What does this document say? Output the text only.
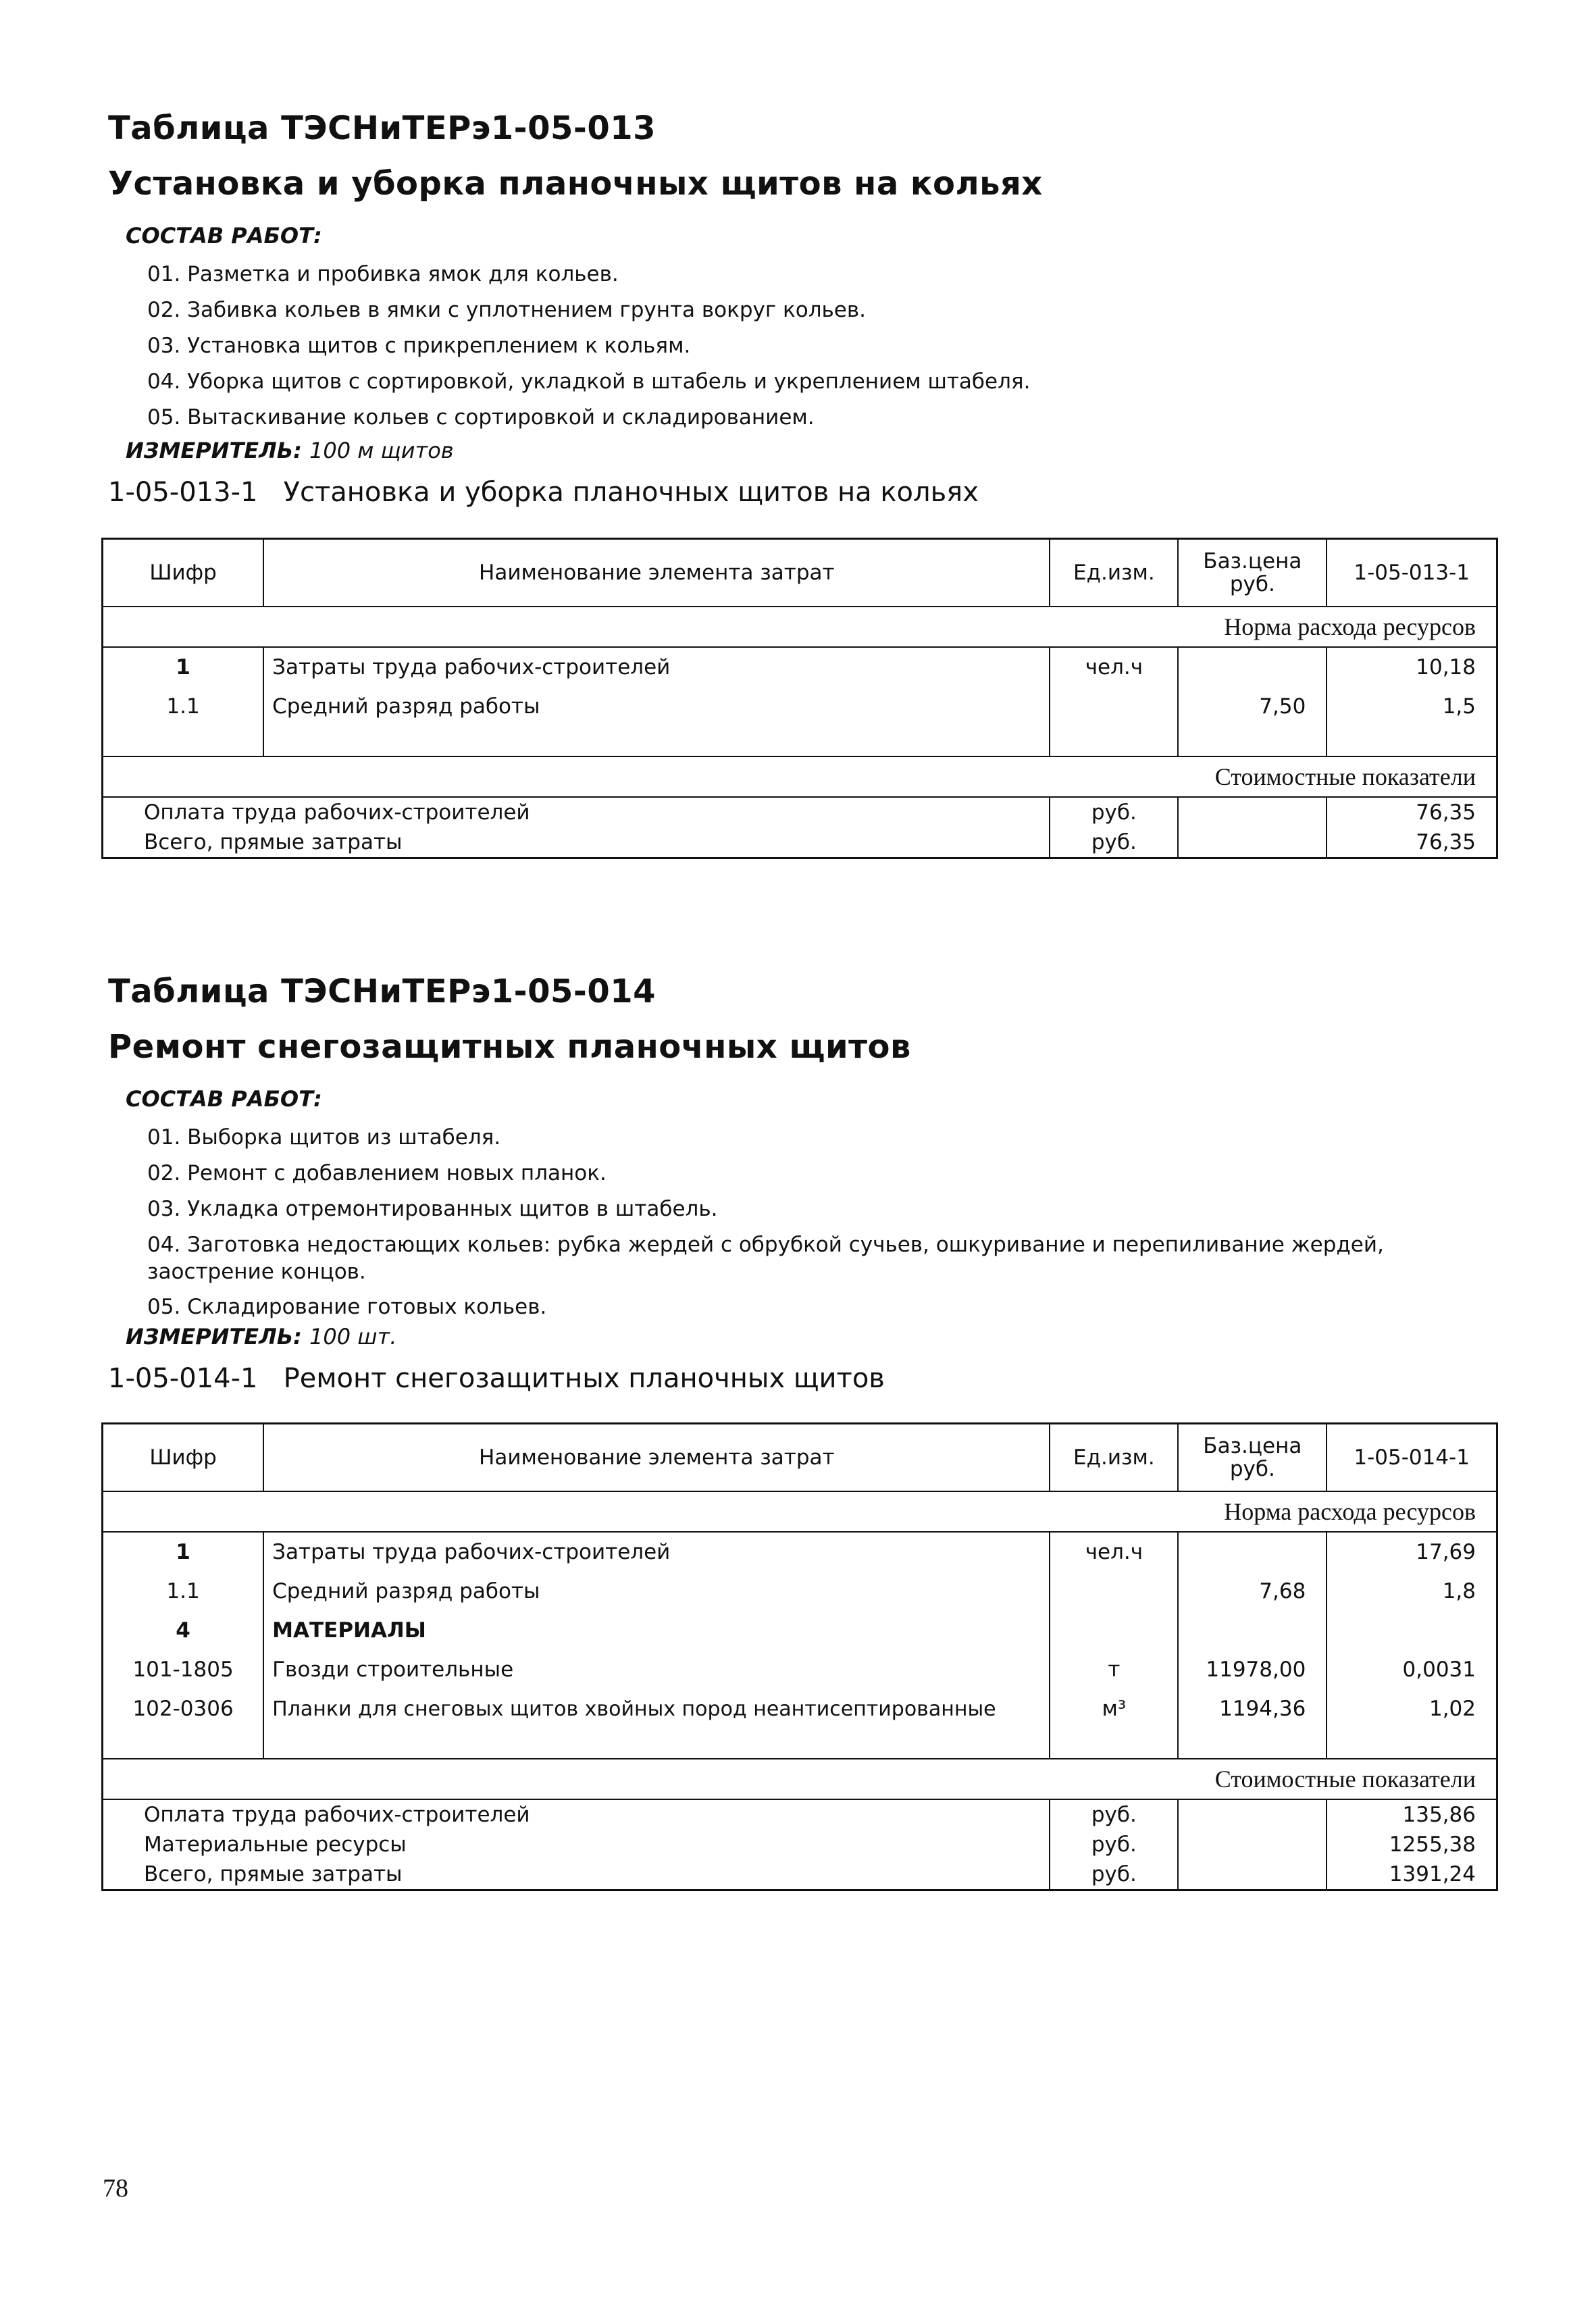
Таблица ТЭСНиТЕРэ1-05-013
Установка и уборка планочных щитов на кольях
СОСТАВ РАБОТ:
01. Разметка и пробивка ямок для кольев.
02. Забивка кольев в ямки с уплотнением грунта вокруг кольев.
03. Установка щитов с прикреплением к кольям.
04. Уборка щитов с сортировкой, укладкой в штабель и укреплением штабеля.
05. Вытаскивание кольев с сортировкой и складированием.
ИЗМЕРИТЕЛЬ: 100 м щитов
1-05-013-1   Установка и уборка планочных щитов на кольях
Шифр	Наименование элемента затрат	Ед.изм.	Баз.цена руб.	1-05-013-1
Норма расхода ресурсов				
1	Затраты труда рабочих-строителей	чел.ч		10,18
1.1	Средний разряд работы		7,50	1,5

Стоимостные показатели				
Оплата труда рабочих-строителей		руб.		76,35
Всего, прямые затраты		руб.		76,35
Таблица ТЭСНиТЕРэ1-05-014
Ремонт снегозащитных планочных щитов
СОСТАВ РАБОТ:
01. Выборка щитов из штабеля.
02. Ремонт с добавлением новых планок.
03. Укладка отремонтированных щитов в штабель.
04. Заготовка недостающих кольев: рубка жердей с обрубкой сучьев, ошкуривание и перепиливание жердей, заострение концов.
05. Складирование готовых кольев.
ИЗМЕРИТЕЛЬ: 100 шт.
1-05-014-1   Ремонт снегозащитных планочных щитов
Шифр	Наименование элемента затрат	Ед.изм.	Баз.цена руб.	1-05-014-1
Норма расхода ресурсов				
1	Затраты труда рабочих-строителей	чел.ч		17,69
1.1	Средний разряд работы		7,68	1,8
4	МАТЕРИАЛЫ			
101-1805	Гвозди строительные	т	11978,00	0,0031
102-0306	Планки для снеговых щитов хвойных пород неантисептированные	м³	1194,36	1,02

Стоимостные показатели				
Оплата труда рабочих-строителей		руб.		135,86
Материальные ресурсы		руб.		1255,38
Всего, прямые затраты		руб.		1391,24
78
